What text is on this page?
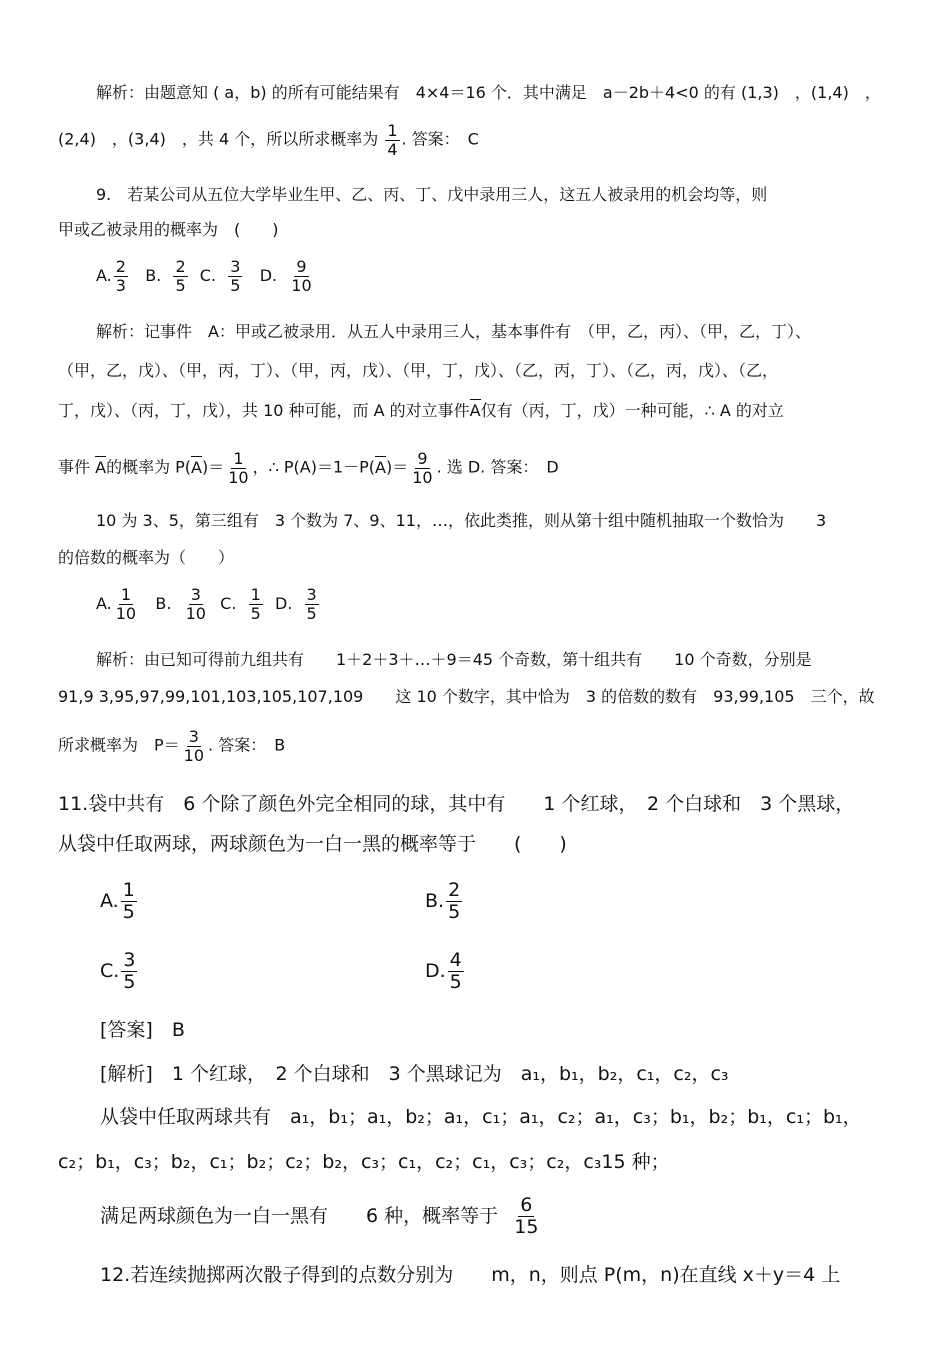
解析：由题意知 ( a，b) 的所有可能结果有　4×4＝16 个．其中满足　a－2b＋4<0 的有 (1,3)　，(1,4)　，
(2,4)　，(3,4)　，共 4 个，所以所求概率为 $\frac{1}{4}$ . 答案：　C
9.　若某公司从五位大学毕业生甲、乙、丙、丁、戊中录用三人，这五人被录用的机会均等，则
甲或乙被录用的概率为　(　　)
A. $\frac{2}{3} B$. $\frac{2}{5} C$. $\frac{3}{5} D$. $\frac{9}{10}$
解析：记事件　A：甲或乙被录用．从五人中录用三人，基本事件有　（甲，乙，丙）、（甲，乙，丁）、
（甲，乙，戊）、（甲，丙，丁）、（甲，丙，戊）、（甲，丁，戊）、（乙，丙，丁）、（乙，丙，戊）、（乙，
丁，戊）、（丙，丁，戊），共 10 种可能，而 A 的对立事件A仅有（丙，丁，戊）一种可能，∴ A 的对立
事件 A的概率为 $P(A)= \frac{1}{10}$ ，∴ $P(A)=1-P(A)= \frac{9}{10}$ . 选 D. 答案：　D
10 为 3、5，第三组有　3 个数为 7、9、11，…，依此类推，则从第十组中随机抽取一个数恰为　　3
的倍数的概率为（　　）
A. $\frac{1}{10} B$. $\frac{3}{10} C$. $\frac{1}{5} D$. $\frac{3}{5}$
解析：由已知可得前九组共有　　1＋2＋3＋…＋9＝45 个奇数，第十组共有　　10 个奇数，分别是
91,9 3,95,97,99,101,103,105,107,109　　这 10 个数字，其中恰为　3 的倍数的数有　93,99,105　三个，故
所求概率为　$P= \frac{3}{10}$ . 答案：　B
11.袋中共有　6 个除了颜色外完全相同的球，其中有　　1 个红球，　2 个白球和　3 个黑球，
从袋中任取两球，两球颜色为一白一黑的概率等于　　(　　)
A. $\frac{1}{5}$	B. $\frac{2}{5}$
C. $\frac{3}{5}$	D. $\frac{4}{5}$
[答案]　B
[解析]　1 个红球，　2 个白球和　3 个黑球记为　a₁，b₁，b₂，c₁，c₂，c₃
从袋中任取两球共有　a₁，b₁；a₁，b₂；a₁，c₁；a₁，c₂；a₁，c₃；b₁，b₂；b₁，c₁；b₁，
c₂；b₁，c₃；b₂，c₁；b₂；c₂；b₂，c₃；c₁，c₂；c₁，c₃；c₂，c₃15 种；
满足两球颜色为一白一黑有　　6 种，概率等于 $\frac{6}{15}$
12.若连续抛掷两次骰子得到的点数分别为　　m，n，则点 P(m，n)在直线 x＋y＝4 上
